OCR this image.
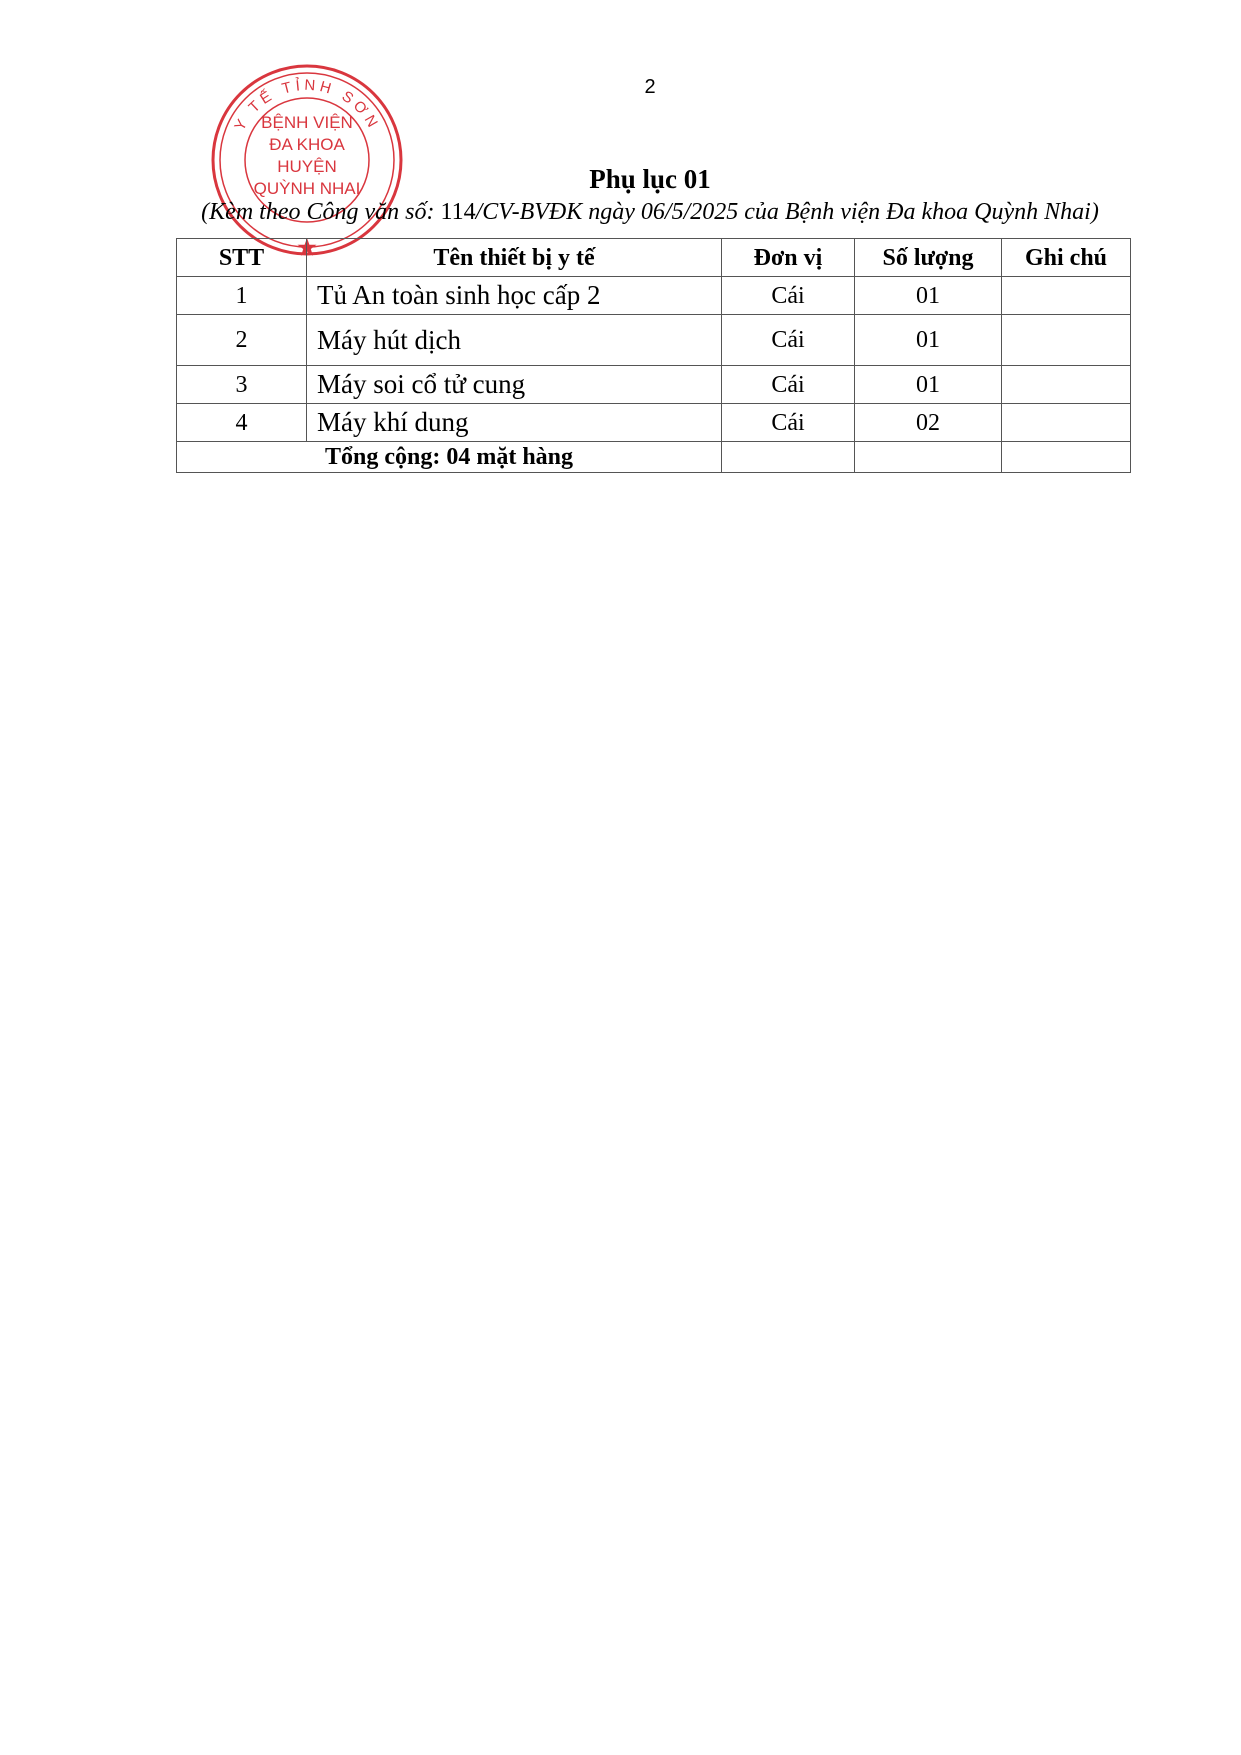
2
Y TẾ TỈNH SƠN
BỆNH VIỆN
ĐA KHOA
HUYỆN
QUỲNH NHAI	Phụ lục 01
(Kèm theo Công văn số: 114/CV-BVĐK ngày 06/5/2025 của Bệnh viện Đa khoa Quỳnh Nhai)
STT	Tên thiết bị y tế	Đơn vị	Số lượng	Ghi chú
1	Tủ An toàn sinh học cấp 2	Cái	01	
2	Máy hút dịch	Cái	01	
3	Máy soi cổ tử cung	Cái	01	
4	Máy khí dung	Cái	02	
Tổng cộng: 04 mặt hàng				
